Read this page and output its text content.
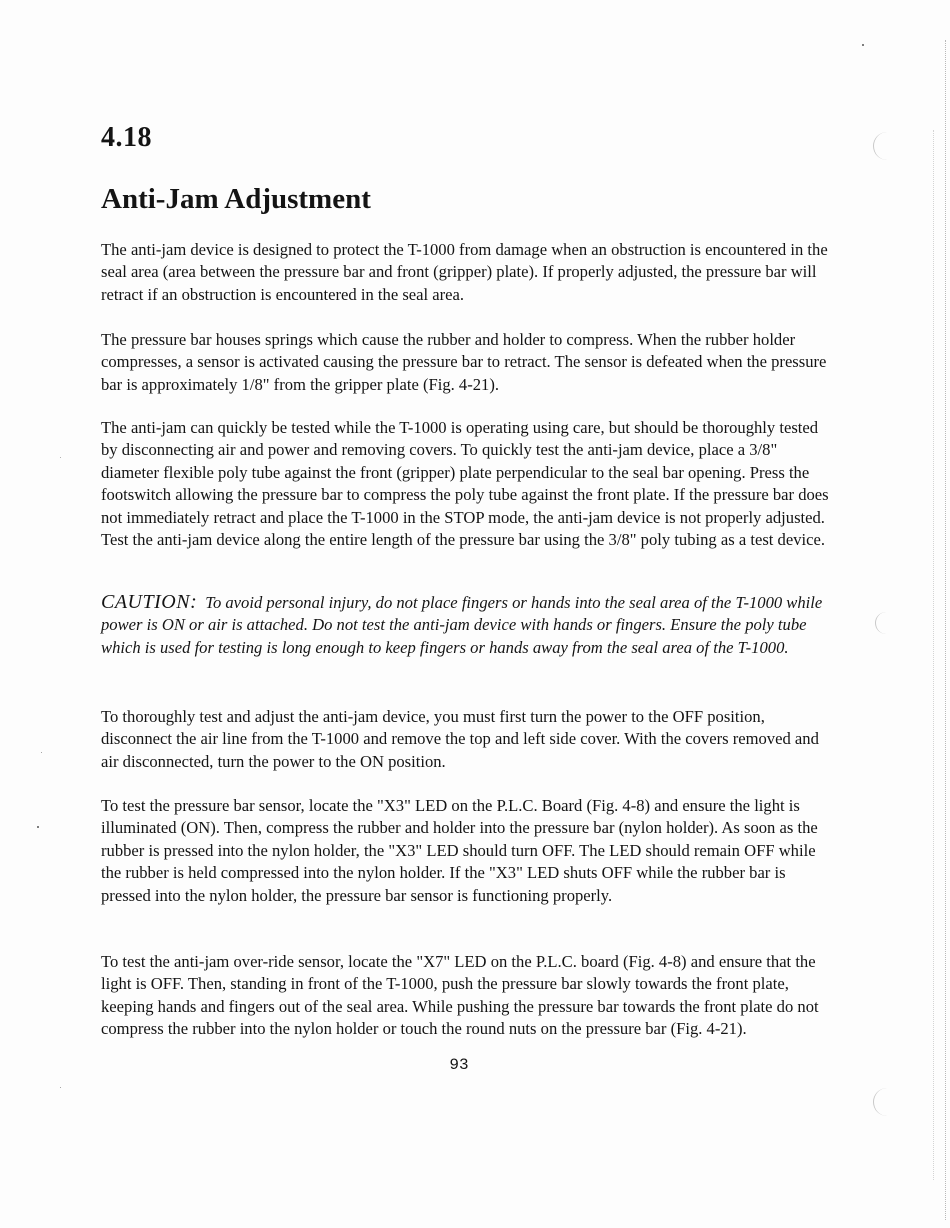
4.18
Anti-Jam Adjustment

The anti-jam device is designed to protect the T-1000 from damage when an obstruction is encountered in the seal area (area between the pressure bar and front (gripper) plate). If properly adjusted, the pressure bar will retract if an obstruction is encountered in the seal area.

The pressure bar houses springs which cause the rubber and holder to compress. When the rubber holder compresses, a sensor is activated causing the pressure bar to retract. The sensor is defeated when the pressure bar is approximately 1/8" from the gripper plate (Fig. 4-21).

The anti-jam can quickly be tested while the T-1000 is operating using care, but should be thoroughly tested by disconnecting air and power and removing covers. To quickly test the anti-jam device, place a 3/8" diameter flexible poly tube against the front (gripper) plate perpendicular to the seal bar opening. Press the footswitch allowing the pressure bar to compress the poly tube against the front plate. If the pressure bar does not immediately retract and place the T-1000 in the STOP mode, the anti-jam device is not properly adjusted. Test the anti-jam device along the entire length of the pressure bar using the 3/8" poly tubing as a test device.

CAUTION: To avoid personal injury, do not place fingers or hands into the seal area of the T-1000 while power is ON or air is attached. Do not test the anti-jam device with hands or fingers. Ensure the poly tube which is used for testing is long enough to keep fingers or hands away from the seal area of the T-1000.

To thoroughly test and adjust the anti-jam device, you must first turn the power to the OFF position, disconnect the air line from the T-1000 and remove the top and left side cover. With the covers removed and air disconnected, turn the power to the ON position.

To test the pressure bar sensor, locate the "X3" LED on the P.L.C. Board (Fig. 4-8) and ensure the light is illuminated (ON). Then, compress the rubber and holder into the pressure bar (nylon holder). As soon as the rubber is pressed into the nylon holder, the "X3" LED should turn OFF. The LED should remain OFF while the rubber is held compressed into the nylon holder. If the "X3" LED shuts OFF while the rubber bar is pressed into the nylon holder, the pressure bar sensor is functioning properly.

To test the anti-jam over-ride sensor, locate the "X7" LED on the P.L.C. board (Fig. 4-8) and ensure that the light is OFF. Then, standing in front of the T-1000, push the pressure bar slowly towards the front plate, keeping hands and fingers out of the seal area. While pushing the pressure bar towards the front plate do not compress the rubber into the nylon holder or touch the round nuts on the pressure bar (Fig. 4-21).

93
